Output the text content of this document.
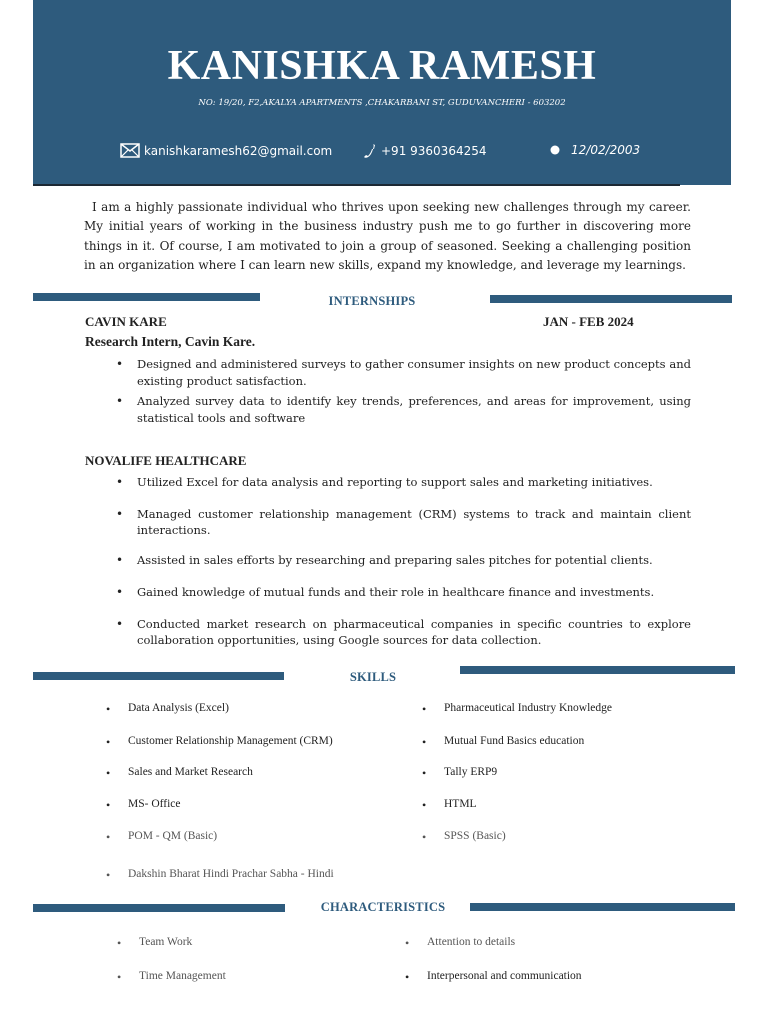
KANISHKA RAMESH
NO: 19/20, F2,AKALYA APARTMENTS ,CHAKARBANI ST, GUDUVANCHERI - 603202
kanishkaramesh62@gmail.com	+91 9360364254	12/02/2003
I am a highly passionate individual who thrives upon seeking new challenges through my career. My initial years of working in the business industry push me to go further in discovering more things in it. Of course, I am motivated to join a group of seasoned. Seeking a challenging position in an organization where I can learn new skills, expand my knowledge, and leverage my learnings.
INTERNSHIPS
CAVIN KARE	JAN - FEB 2024
Research Intern, Cavin Kare.
• Designed and administered surveys to gather consumer insights on new product concepts and existing product satisfaction.
• Analyzed survey data to identify key trends, preferences, and areas for improvement, using statistical tools and software
NOVALIFE HEALTHCARE
• Utilized Excel for data analysis and reporting to support sales and marketing initiatives.
• Managed customer relationship management (CRM) systems to track and maintain client interactions.
• Assisted in sales efforts by researching and preparing sales pitches for potential clients.
• Gained knowledge of mutual funds and their role in healthcare finance and investments.
• Conducted market research on pharmaceutical companies in specific countries to explore collaboration opportunities, using Google sources for data collection.
SKILLS
•	Data Analysis (Excel)
•	Customer Relationship Management (CRM)
•	Sales and Market Research
•	MS- Office
•	POM - QM (Basic)
•	Dakshin Bharat Hindi Prachar Sabha - Hindi
•	Pharmaceutical Industry Knowledge
•	Mutual Fund Basics education
•	Tally ERP9
•	HTML
•	SPSS (Basic)
CHARACTERISTICS
•	Team Work
•	Time Management
•	Attention to details
•	Interpersonal and communication
